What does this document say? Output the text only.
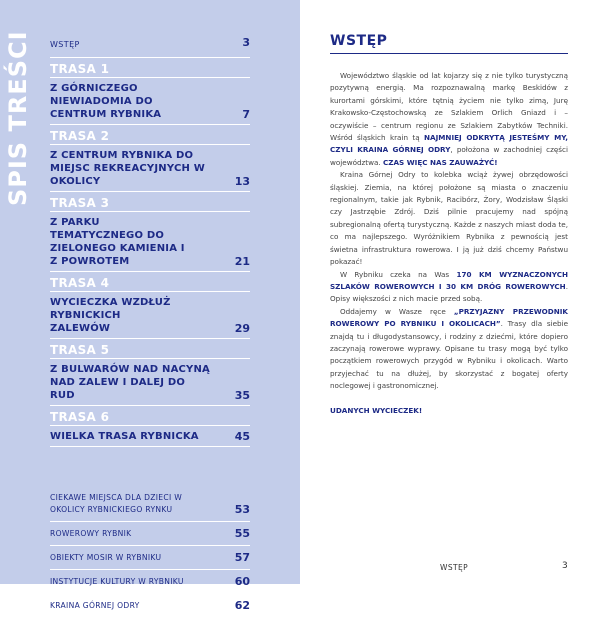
SPIS TREŚCI WSTĘP	3
TRASA 1
Z GÓRNICZEGO NIEWIADOMIA DO CENTRUM RYBNIKA	7
TRASA 2
Z CENTRUM RYBNIKA DO MIEJSC REKREACYJNYCH W OKOLICY	13
TRASA 3
Z PARKU TEMATYCZNEGO DO ZIELONEGO KAMIENIA I Z POWROTEM	21
TRASA 4
WYCIECZKA WZDŁUŻ RYBNICKICH ZALEWÓW	29
TRASA 5
Z BULWARÓW NAD NACYNĄ NAD ZALEW I DALEJ DO RUD	35
TRASA 6
WIELKA TRASA RYBNICKA	45
CIEKAWE MIEJSCA DLA DZIECI W OKOLICY RYBNICKIEGO RYNKU	53
ROWEROWY RYBNIK	55
OBIEKTY MOSIR W RYBNIKU	57
INSTYTUCJE KULTURY W RYBNIKU	60
KRAINA GÓRNEJ ODRY	62
WSTĘP

Województwo śląskie od lat kojarzy się z nie tylko turystyczną pozytywną energią. Ma rozpoznawalną markę Beskidów z kurortami górskimi, które tętnią życiem nie tylko zimą, Jurę Krakowsko-Częstochowską ze Szlakiem Orlich Gniazd i – oczywiście – centrum regionu ze Szlakiem Zabytków Techniki. Wśród śląskich krain tą NAJMNIEJ ODKRYTĄ JESTEŚMY MY, CZYLI KRAINA GÓRNEJ ODRY, położona w zachodniej części województwa. CZAS WIĘC NAS ZAUWAŻYĆ!

Kraina Górnej Odry to kolebka wciąż żywej obrzędowości śląskiej. Ziemia, na której położone są miasta o znaczeniu regionalnym, takie jak Rybnik, Racibórz, Żory, Wodzisław Śląski czy Jastrzębie Zdrój. Dziś pilnie pracujemy nad spójną subregionalną ofertą turystyczną. Każde z naszych miast doda te, co ma najlepszego. Wyróżnikiem Rybnika z pewnością jest świetna infrastruktura rowerowa. I ją już dziś chcemy Państwu pokazać!

W Rybniku czeka na Was 170 KM WYZNACZONYCH SZLAKÓW ROWEROWYCH I 30 KM DRÓG ROWEROWYCH. Opisy większości z nich macie przed sobą.

Oddajemy w Wasze ręce „PRZYJAZNY PRZEWODNIK ROWEROWY PO RYBNIKU I OKOLICACH”. Trasy dla siebie znajdą tu i długodystansowcy, i rodziny z dziećmi, które dopiero zaczynają rowerowe wyprawy. Opisane tu trasy mogą być tylko początkiem rowerowych przygód w Rybniku i okolicach. Warto przyjechać tu na dłużej, by skorzystać z bogatej oferty noclegowej i gastronomicznej.

UDANYCH WYCIECZEK!

WSTĘP	3
